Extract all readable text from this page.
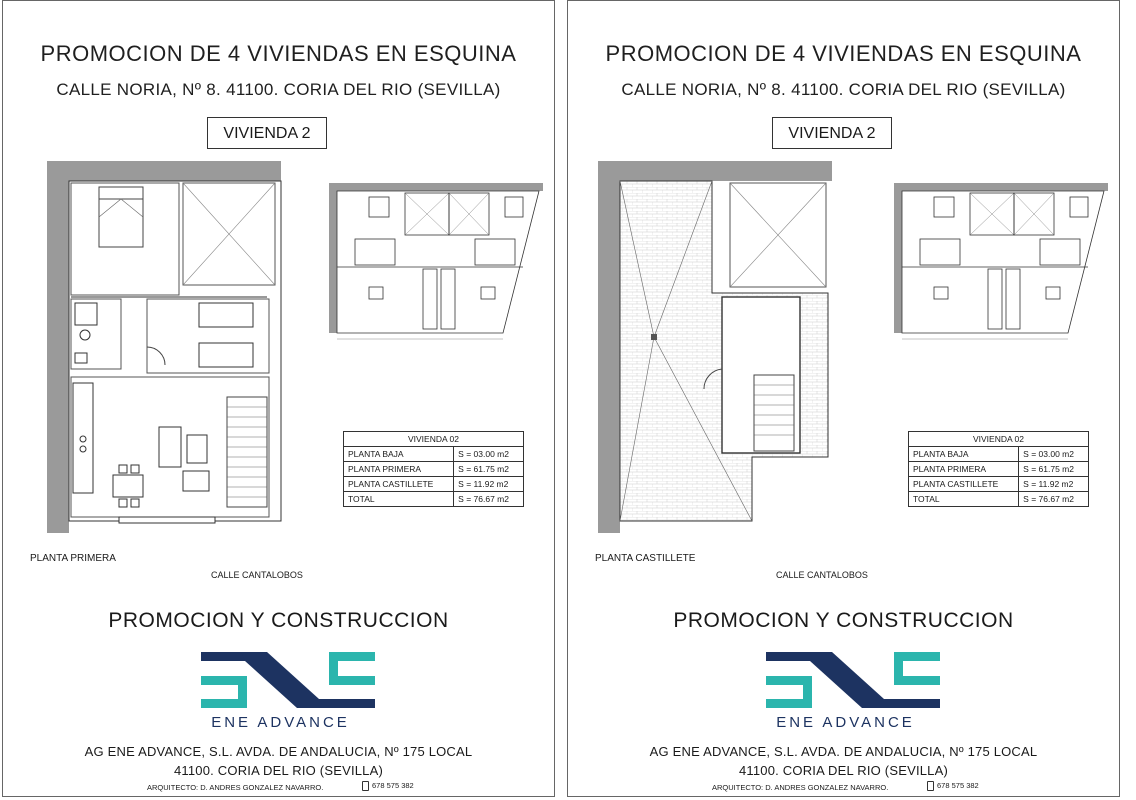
PROMOCION DE 4 VIVIENDAS EN ESQUINA
CALLE NORIA, Nº 8. 41100. CORIA DEL RIO (SEVILLA)
VIVIENDA 2
VIVIENDA 02	
PLANTA BAJA	S = 03.00 m2
PLANTA PRIMERA	S = 61.75 m2
PLANTA CASTILLETE	S = 11.92 m2
TOTAL	S = 76.67 m2
PLANTA PRIMERA
CALLE CANTALOBOS
PROMOCION Y CONSTRUCCION
ENE ADVANCE
AG ENE ADVANCE, S.L. AVDA. DE ANDALUCIA, Nº 175 LOCAL
41100. CORIA DEL RIO (SEVILLA)
ARQUITECTO: D. ANDRES GONZALEZ NAVARRO.	678 575 382
PROMOCION DE 4 VIVIENDAS EN ESQUINA
CALLE NORIA, Nº 8. 41100. CORIA DEL RIO (SEVILLA)
VIVIENDA 2
VIVIENDA 02	
PLANTA BAJA	S = 03.00 m2
PLANTA PRIMERA	S = 61.75 m2
PLANTA CASTILLETE	S = 11.92 m2
TOTAL	S = 76.67 m2
PLANTA CASTILLETE
CALLE CANTALOBOS
PROMOCION Y CONSTRUCCION
ENE ADVANCE
AG ENE ADVANCE, S.L. AVDA. DE ANDALUCIA, Nº 175 LOCAL
41100. CORIA DEL RIO (SEVILLA)
ARQUITECTO: D. ANDRES GONZALEZ NAVARRO.	678 575 382
